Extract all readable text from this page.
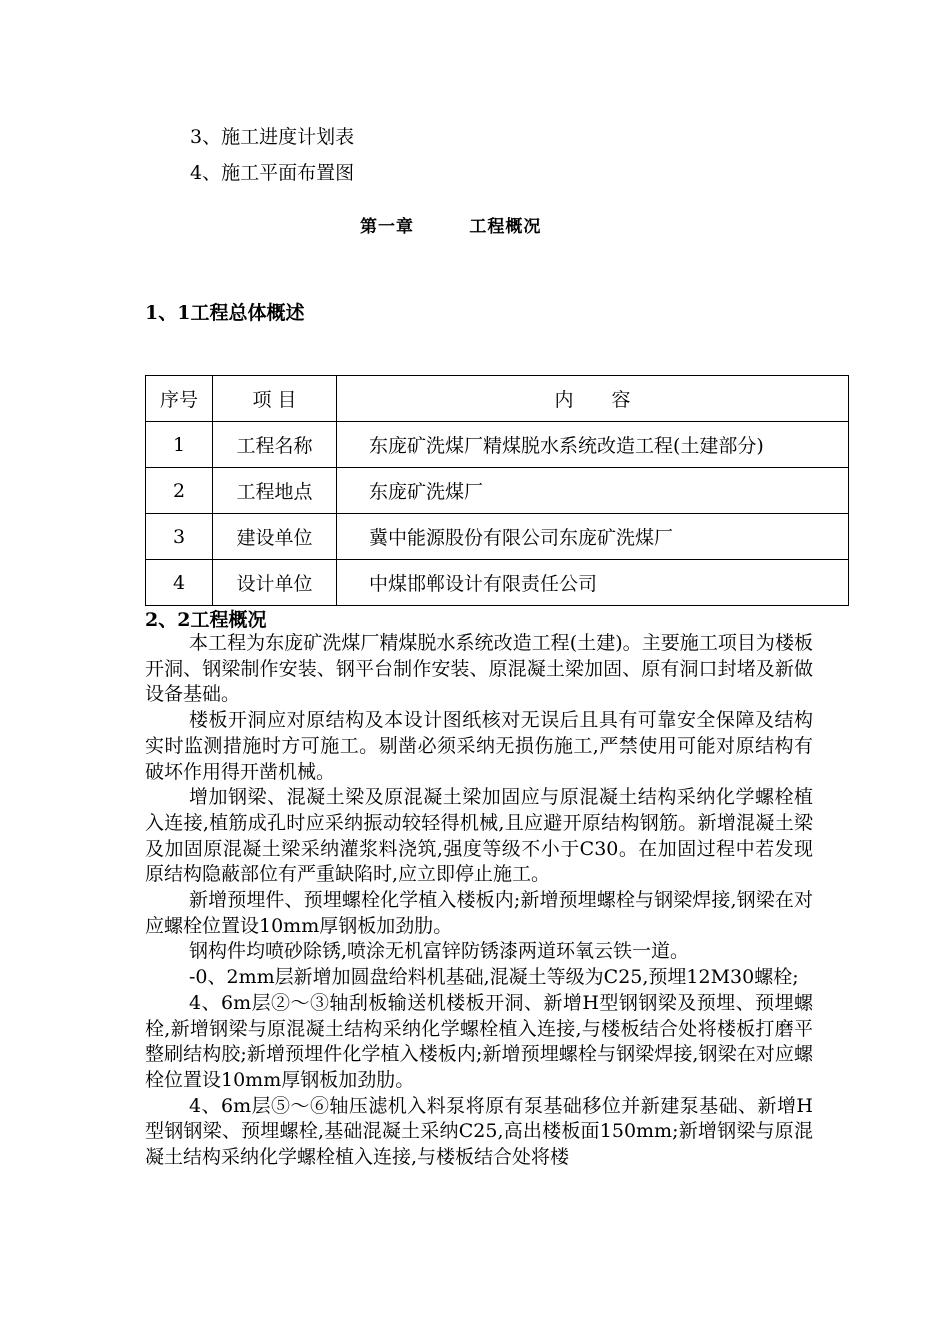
3、施工进度计划表
4、施工平面布置图
第一章	工程概况
1、1工程总体概述
序号	项 目	内　　容
1	工程名称	东庞矿洗煤厂精煤脱水系统改造工程(土建部分)
2	工程地点	东庞矿洗煤厂
3	建设单位	冀中能源股份有限公司东庞矿洗煤厂
4	设计单位	中煤邯郸设计有限责任公司
2、2工程概况

本工程为东庞矿洗煤厂精煤脱水系统改造工程(土建)。主要施工项目为楼板开洞、钢梁制作安装、钢平台制作安装、原混凝土梁加固、原有洞口封堵及新做设备基础。

楼板开洞应对原结构及本设计图纸核对无误后且具有可靠安全保障及结构实时监测措施时方可施工。剔凿必须采纳无损伤施工,严禁使用可能对原结构有破坏作用得开凿机械。

增加钢梁、混凝土梁及原混凝土梁加固应与原混凝土结构采纳化学螺栓植入连接,植筋成孔时应采纳振动较轻得机械,且应避开原结构钢筋。新增混凝土梁及加固原混凝土梁采纳灌浆料浇筑,强度等级不小于C30。在加固过程中若发现原结构隐蔽部位有严重缺陷时,应立即停止施工。

新增预埋件、预埋螺栓化学植入楼板内;新增预埋螺栓与钢梁焊接,钢梁在对应螺栓位置设10mm厚钢板加劲肋。

钢构件均喷砂除锈,喷涂无机富锌防锈漆两道环氧云铁一道。

-0、2mm层新增加圆盘给料机基础,混凝土等级为C25,预埋12M30螺栓;

4、6m层②～③轴刮板输送机楼板开洞、新增H型钢钢梁及预埋、预埋螺栓,新增钢梁与原混凝土结构采纳化学螺栓植入连接,与楼板结合处将楼板打磨平整刷结构胶;新增预埋件化学植入楼板内;新增预埋螺栓与钢梁焊接,钢梁在对应螺栓位置设10mm厚钢板加劲肋。

4、6m层⑤～⑥轴压滤机入料泵将原有泵基础移位并新建泵基础、新增H型钢钢梁、预埋螺栓,基础混凝土采纳C25,高出楼板面150mm;新增钢梁与原混凝土结构采纳化学螺栓植入连接,与楼板结合处将楼
